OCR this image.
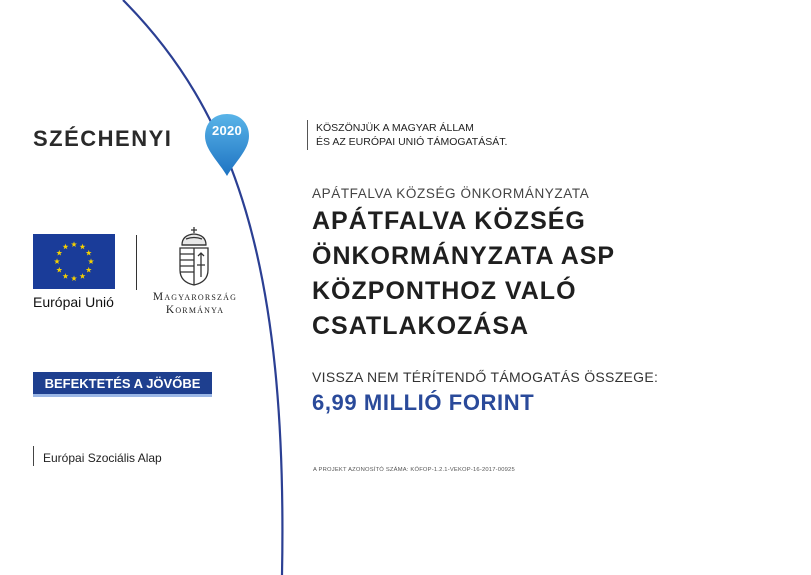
SZÉCHENYI	2020
Európai Unió	Magyarország
Kormánya
BEFEKTETÉS A JÖVŐBE
Európai Szociális Alap
KÖSZÖNJÜK A MAGYAR ÁLLAM
ÉS AZ EURÓPAI UNIÓ TÁMOGATÁSÁT.
APÁTFALVA KÖZSÉG ÖNKORMÁNYZATA
APÁTFALVA KÖZSÉG
ÖNKORMÁNYZATA ASP
KÖZPONTHOZ VALÓ
CSATLAKOZÁSA
VISSZA NEM TÉRÍTENDŐ TÁMOGATÁS ÖSSZEGE:
6,99 MILLIÓ FORINT
A PROJEKT AZONOSÍTÓ SZÁMA: KÖFOP-1.2.1-VEKOP-16-2017-00925
